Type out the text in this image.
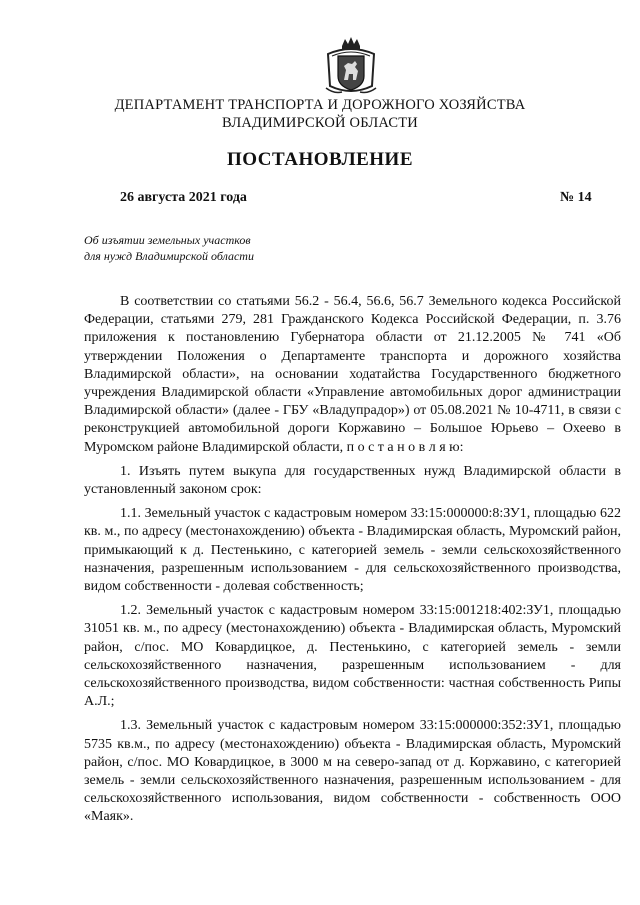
ДЕПАРТАМЕНТ ТРАНСПОРТА И ДОРОЖНОГО ХОЗЯЙСТВА
ВЛАДИМИРСКОЙ ОБЛАСТИ
ПОСТАНОВЛЕНИЕ
26 августа 2021 года	№ 14
Об изъятии земельных участков
для нужд Владимирской области

В соответствии со статьями 56.2 - 56.4, 56.6, 56.7 Земельного кодекса Российской Федерации, статьями 279, 281 Гражданского Кодекса Российской Федерации, п. 3.76 приложения к постановлению Губернатора области от 21.12.2005 № 741 «Об утверждении Положения о Департаменте транспорта и дорожного хозяйства Владимирской области», на основании ходатайства Государственного бюджетного учреждения Владимирской области «Управление автомобильных дорог администрации Владимирской области» (далее - ГБУ «Владупрадор») от 05.08.2021 № 10-4711, в связи с реконструкцией автомобильной дороги Коржавино – Большое Юрьево – Охеево в Муромском районе Владимирской области, п о с т а н о в л я ю:

1. Изъять путем выкупа для государственных нужд Владимирской области в установленный законом срок:

1.1. Земельный участок с кадастровым номером 33:15:000000:8:ЗУ1, площадью 622 кв. м., по адресу (местонахождению) объекта - Владимирская область, Муромский район, примыкающий к д. Пестенькино, с категорией земель - земли сельскохозяйственного назначения, разрешенным использованием - для сельскохозяйственного производства, видом собственности - долевая собственность;

1.2. Земельный участок с кадастровым номером 33:15:001218:402:ЗУ1, площадью 31051 кв. м., по адресу (местонахождению) объекта - Владимирская область, Муромский район, с/пос. МО Ковардицкое, д. Пестенькино, с категорией земель - земли сельскохозяйственного назначения, разрешенным использованием - для сельскохозяйственного производства, видом собственности: частная собственность Рипы А.Л.;

1.3. Земельный участок с кадастровым номером 33:15:000000:352:ЗУ1, площадью 5735 кв.м., по адресу (местонахождению) объекта - Владимирская область, Муромский район, с/пос. МО Ковардицкое, в 3000 м на северо-запад от д. Коржавино, с категорией земель - земли сельскохозяйственного назначения, разрешенным использованием - для сельскохозяйственного использования, видом собственности - собственность ООО «Маяк».
